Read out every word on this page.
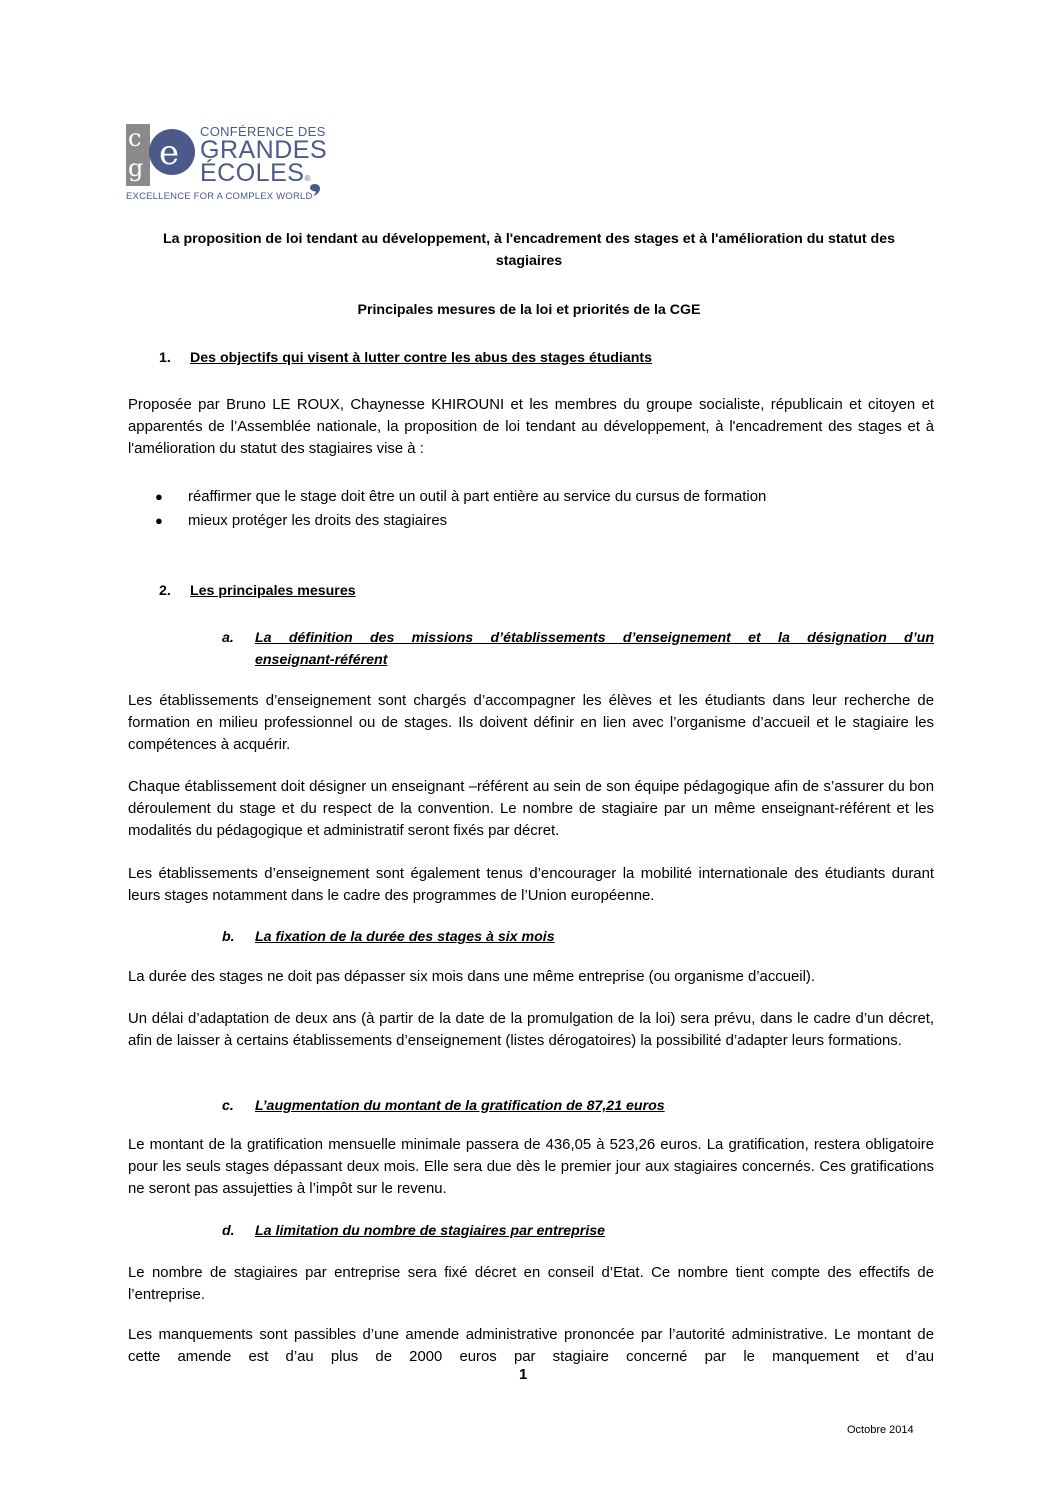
c
g e
CONFÉRENCE DES
GRANDES
ÉCOLES®
EXCELLENCE FOR A COMPLEX WORLD
La proposition de loi tendant au développement, à l'encadrement des stages et à l'amélioration du statut des stagiaires
Principales mesures de la loi et priorités de la CGE
1. Des objectifs qui visent à lutter contre les abus des stages étudiants
Proposée par Bruno LE ROUX, Chaynesse KHIROUNI et les membres du groupe socialiste, républicain et citoyen et apparentés de l’Assemblée nationale, la proposition de loi tendant au développement, à l'encadrement des stages et à l'amélioration du statut des stagiaires vise à :
● réaffirmer que le stage doit être un outil à part entière au service du cursus de formation
● mieux protéger les droits des stagiaires
2. Les principales mesures
a. La définition des missions d’établissements d’enseignement et la désignation d’un
enseignant-référent
Les établissements d’enseignement sont chargés d’accompagner les élèves et les étudiants dans leur recherche de formation en milieu professionnel ou de stages. Ils doivent définir en lien avec l’organisme d’accueil et le stagiaire les compétences à acquérir.
Chaque établissement doit désigner un enseignant –référent au sein de son équipe pédagogique afin de s’assurer du bon déroulement du stage et du respect de la convention. Le nombre de stagiaire par un même enseignant-référent et les modalités du pédagogique et administratif seront fixés par décret.
Les établissements d’enseignement sont également tenus d’encourager la mobilité internationale des étudiants durant leurs stages notamment dans le cadre des programmes de l’Union européenne.
b. La fixation de la durée des stages à six mois
La durée des stages ne doit pas dépasser six mois dans une même entreprise (ou organisme d’accueil).
Un délai d’adaptation de deux ans (à partir de la date de la promulgation de la loi) sera prévu, dans le cadre d’un décret, afin de laisser à certains établissements d’enseignement (listes dérogatoires) la possibilité d’adapter leurs formations.
c. L’augmentation du montant de la gratification de 87,21 euros
Le montant de la gratification mensuelle minimale passera de 436,05 à 523,26 euros. La gratification, restera obligatoire pour les seuls stages dépassant deux mois. Elle sera due dès le premier jour aux stagiaires concernés. Ces gratifications ne seront pas assujetties à l’impôt sur le revenu.
d. La limitation du nombre de stagiaires par entreprise
Le nombre de stagiaires par entreprise sera fixé décret en conseil d’Etat. Ce nombre tient compte des effectifs de l’entreprise.
Les manquements sont passibles d’une amende administrative prononcée par l’autorité administrative. Le montant de cette amende est d’au plus de 2000 euros par stagiaire concerné par le manquement et d’au
1
Octobre 2014
